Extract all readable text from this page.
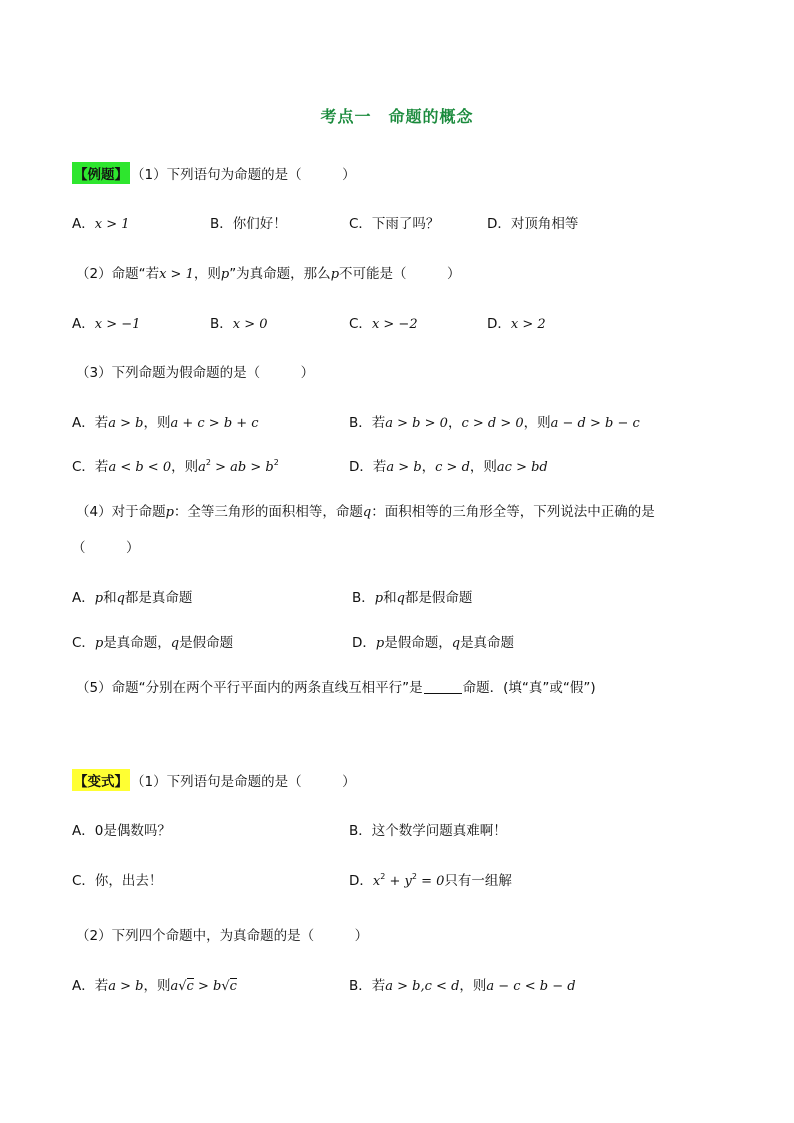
考点一　命题的概念
【例题】 （1）下列语句为命题的是（　　　）
A．x > 1	B．你们好！	C．下雨了吗？	D．对顶角相等
（2）命题“若x > 1，则p”为真命题，那么p不可能是（　　　）
A．x > −1	B．x > 0	C．x > −2	D．x > 2
（3）下列命题为假命题的是（　　　）
A．若a > b，则a + c > b + c	B．若a > b > 0，c > d > 0，则a − d > b − c
C．若a < b < 0，则$a^2$ > ab > $b^2$	D．若a > b，c > d，则ac > bd
（4）对于命题p：全等三角形的面积相等，命题q：面积相等的三角形全等，下列说法中正确的是
（　　　）
A．p和q都是真命题	B．p和q都是假命题
C．p是真命题，q是假命题	D．p是假命题，q是真命题
（5）命题“分别在两个平行平面内的两条直线互相平行”是	命题．(填“真”或“假”)
【变式】 （1）下列语句是命题的是（　　　）
A．0是偶数吗？	B．这个数学问题真难啊！
C．你，出去！	D．$x^2 + y^2 = 0$只有一组解
（2）下列四个命题中，为真命题的是（　　　）
A．若a > b，则a√c > b√c	B．若a > b,c < d，则a − c < b − d
